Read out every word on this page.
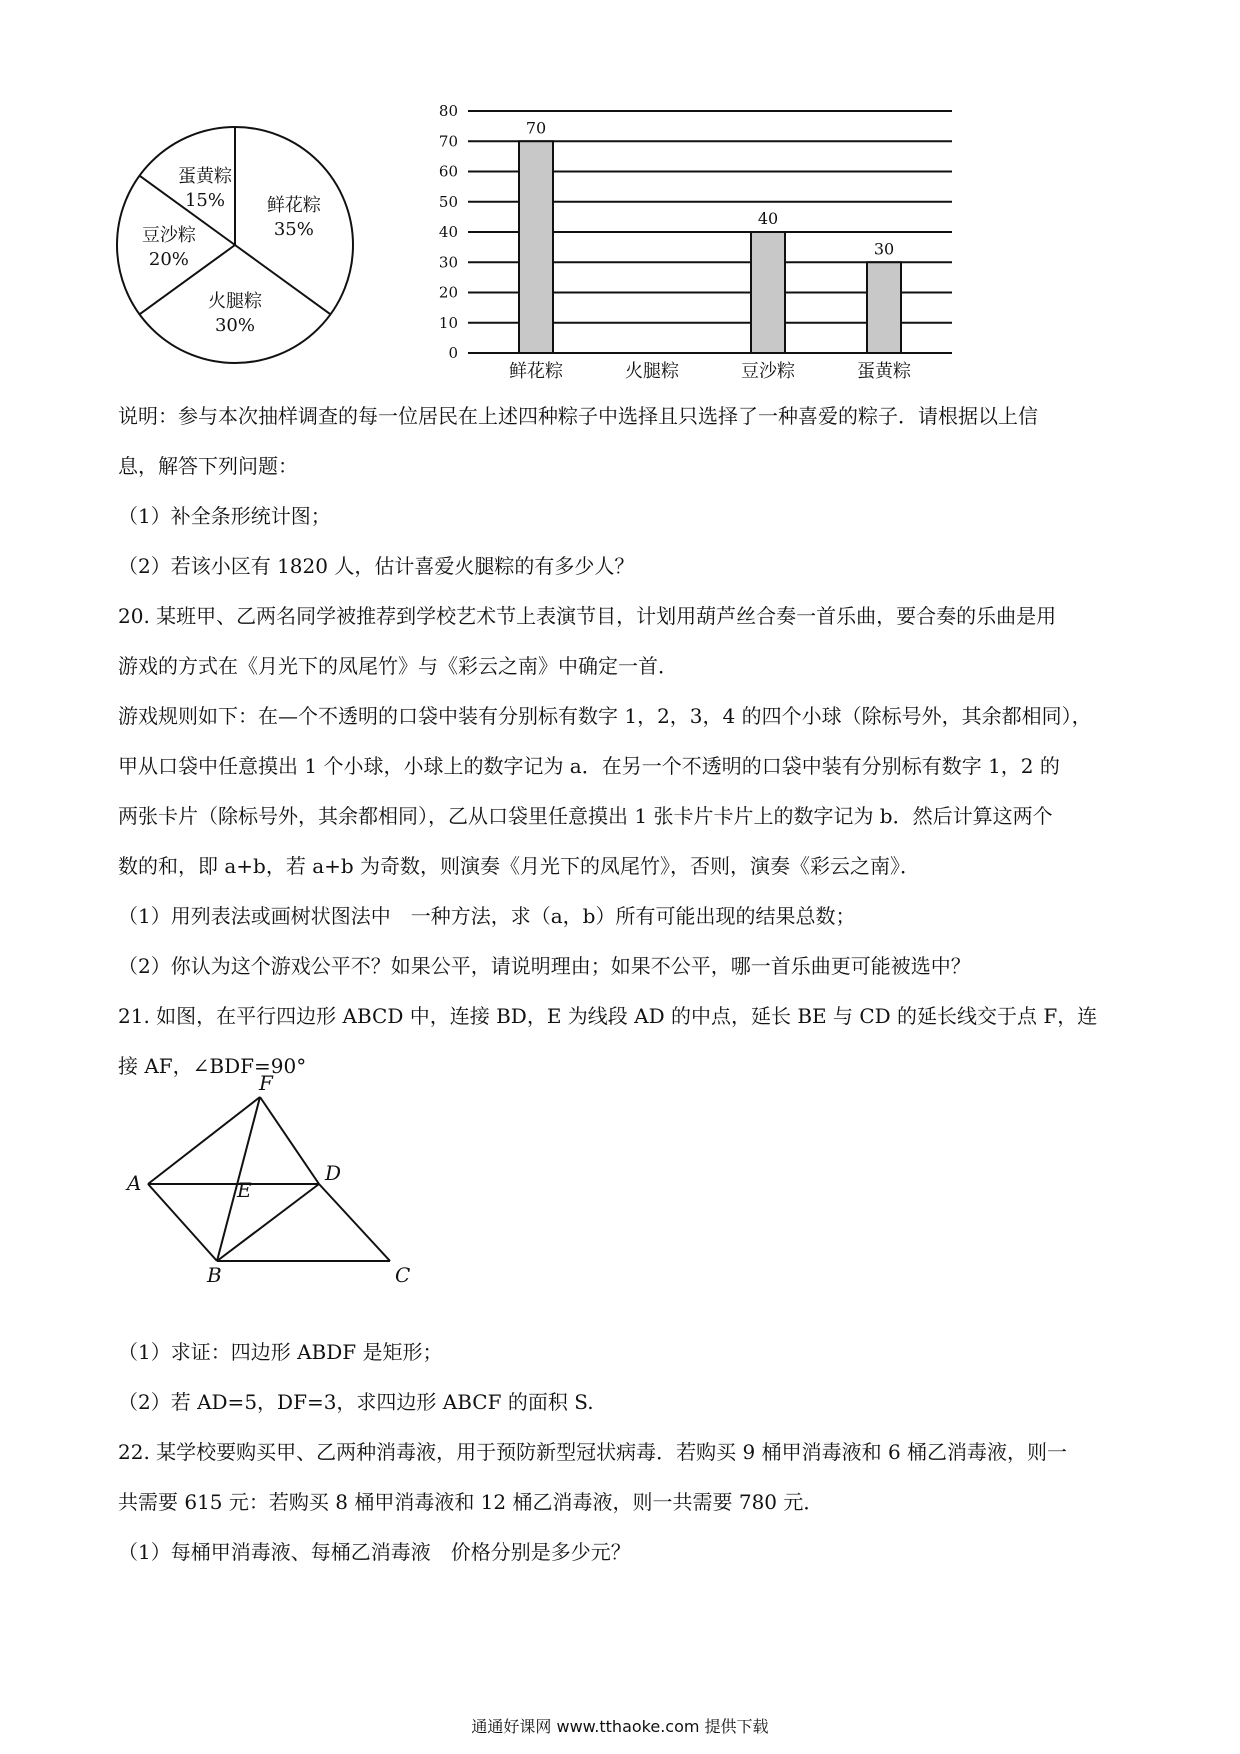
鲜花粽
35%
火腿粽
30%
豆沙粽
20%
蛋黄粽
15%
70
40
30
0
10
20
30
40
50
60
70
80
鲜花粽	火腿粽	豆沙粽	蛋黄粽
说明：参与本次抽样调查的每一位居民在上述四种粽子中选择且只选择了一种喜爱的粽子．请根据以上信
息，解答下列问题：
（1）补全条形统计图；
（2）若该小区有 1820 人，估计喜爱火腿粽的有多少人？
20. 某班甲、乙两名同学被推荐到学校艺术节上表演节目，计划用葫芦丝合奏一首乐曲，要合奏的乐曲是用
游戏的方式在《月光下的凤尾竹》与《彩云之南》中确定一首．
游戏规则如下：在—个不透明的口袋中装有分别标有数字 1，2，3，4 的四个小球（除标号外，其余都相同），
甲从口袋中任意摸出 1 个小球，小球上的数字记为 a．在另一个不透明的口袋中装有分别标有数字 1，2 的
两张卡片（除标号外，其余都相同），乙从口袋里任意摸出 1 张卡片卡片上的数字记为 b．然后计算这两个
数的和，即 a+b，若 a+b 为奇数，则演奏《月光下的凤尾竹》，否则，演奏《彩云之南》．
（1）用列表法或画树状图法中　一种方法，求（a，b）所有可能出现的结果总数；
（2）你认为这个游戏公平不？如果公平，请说明理由；如果不公平，哪一首乐曲更可能被选中？
21. 如图，在平行四边形 ABCD 中，连接 BD，E 为线段 AD 的中点，延长 BE 与 CD 的延长线交于点 F，连
接 AF，∠BDF=90°
F
A	D
E
B	C
（1）求证：四边形 ABDF 是矩形；
（2）若 AD=5，DF=3，求四边形 ABCF 的面积 S.
22. 某学校要购买甲、乙两种消毒液，用于预防新型冠状病毒．若购买 9 桶甲消毒液和 6 桶乙消毒液，则一
共需要 615 元：若购买 8 桶甲消毒液和 12 桶乙消毒液，则一共需要 780 元．
（1）每桶甲消毒液、每桶乙消毒液　价格分别是多少元？
通通好课网 www.tthaoke.com 提供下载
